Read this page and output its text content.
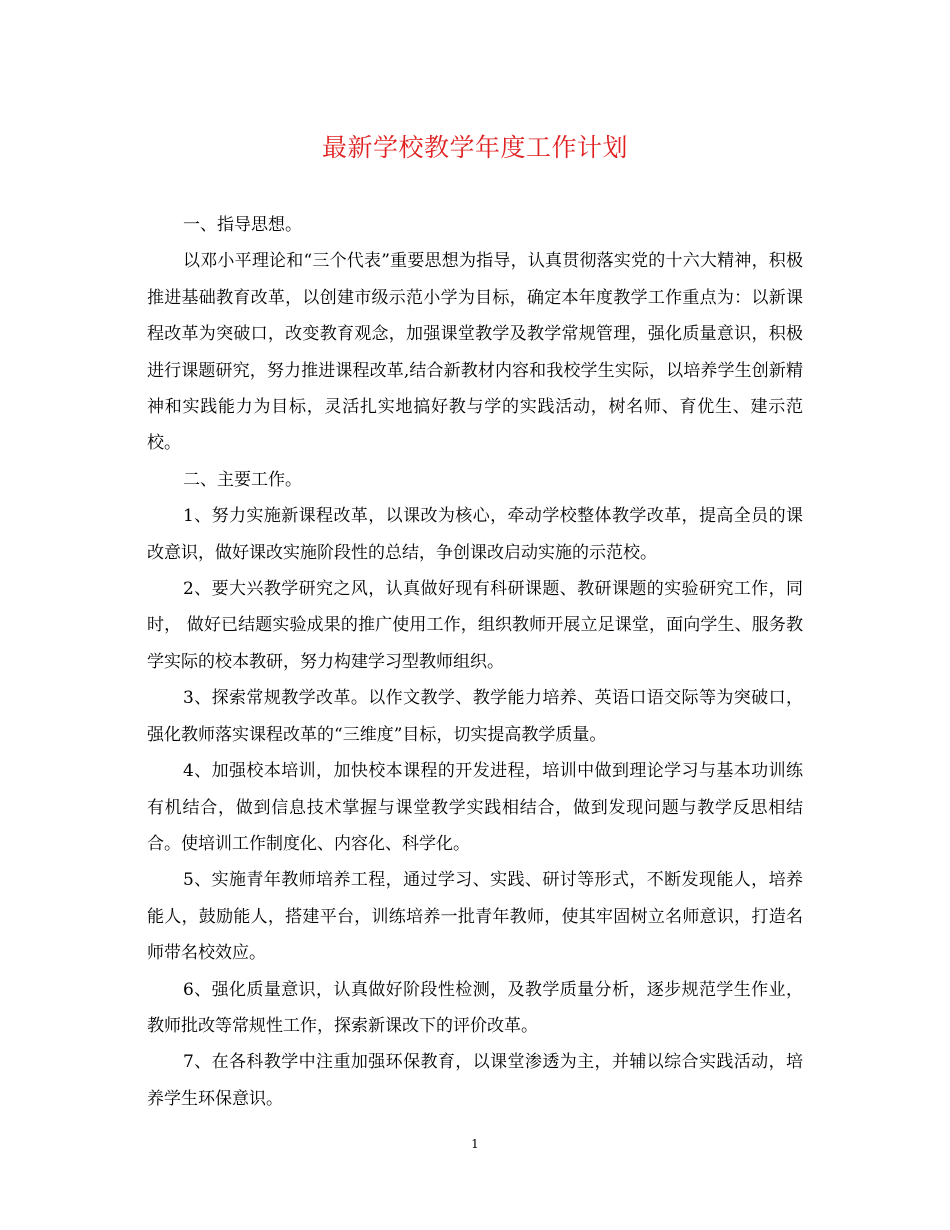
最新学校教学年度工作计划

一、指导思想。

以邓小平理论和“三个代表”重要思想为指导，认真贯彻落实党的十六大精神，积极推进基础教育改革，以创建市级示范小学为目标，确定本年度教学工作重点为：以新课程改革为突破口，改变教育观念，加强课堂教学及教学常规管理，强化质量意识，积极进行课题研究，努力推进课程改革,结合新教材内容和我校学生实际，以培养学生创新精神和实践能力为目标，灵活扎实地搞好教与学的实践活动，树名师、育优生、建示范校。

二、主要工作。

1、努力实施新课程改革，以课改为核心，牵动学校整体教学改革，提高全员的课改意识，做好课改实施阶段性的总结，争创课改启动实施的示范校。

2、要大兴教学研究之风，认真做好现有科研课题、教研课题的实验研究工作，同时， 做好已结题实验成果的推广使用工作，组织教师开展立足课堂，面向学生、服务教学实际的校本教研，努力构建学习型教师组织。

3、探索常规教学改革。以作文教学、教学能力培养、英语口语交际等为突破口，强化教师落实课程改革的“三维度”目标，切实提高教学质量。

4、加强校本培训，加快校本课程的开发进程，培训中做到理论学习与基本功训练有机结合，做到信息技术掌握与课堂教学实践相结合，做到发现问题与教学反思相结合。使培训工作制度化、内容化、科学化。

5、实施青年教师培养工程，通过学习、实践、研讨等形式，不断发现能人，培养能人，鼓励能人，搭建平台，训练培养一批青年教师，使其牢固树立名师意识，打造名师带名校效应。

6、强化质量意识，认真做好阶段性检测，及教学质量分析，逐步规范学生作业，教师批改等常规性工作，探索新课改下的评价改革。

7、在各科教学中注重加强环保教育，以课堂渗透为主，并辅以综合实践活动，培养学生环保意识。

1
